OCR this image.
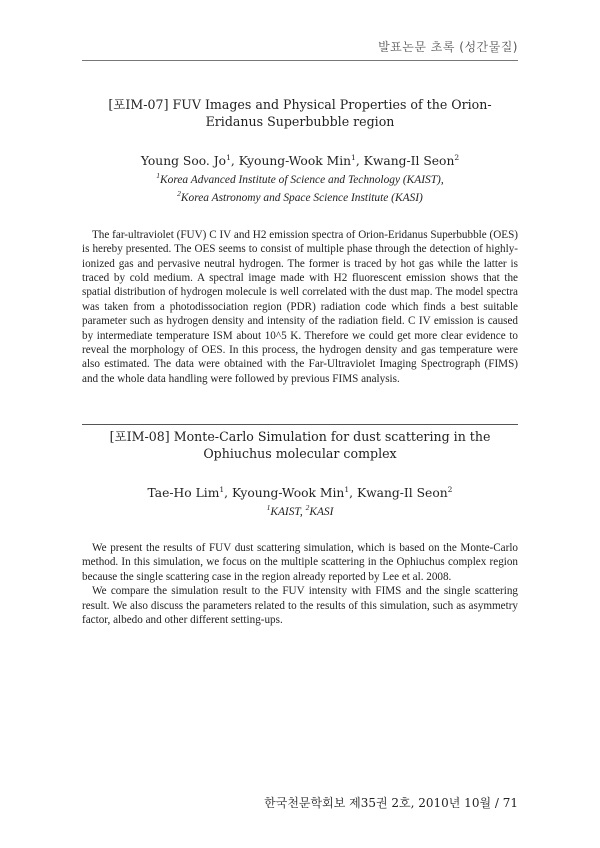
발표논문 초록 (성간물질)
[포IM-07] FUV Images and Physical Properties of the Orion-Eridanus Superbubble region
Young Soo. Jo$^1$, Kyoung-Wook Min$^1$, Kwang-Il Seon$^2$
$^1$Korea Advanced Institute of Science and Technology (KAIST),
$^2$Korea Astronomy and Space Science Institute (KASI)

The far-ultraviolet (FUV) C IV and H2 emission spectra of Orion-Eridanus Superbubble (OES) is hereby presented. The OES seems to consist of multiple phase through the detection of highly-ionized gas and pervasive neutral hydrogen. The former is traced by hot gas while the latter is traced by cold medium. A spectral image made with H2 fluorescent emission shows that the spatial distribution of hydrogen molecule is well correlated with the dust map. The model spectra was taken from a photodissociation region (PDR) radiation code which finds a best suitable parameter such as hydrogen density and intensity of the radiation field. C IV emission is caused by intermediate temperature ISM about 10^5 K. Therefore we could get more clear evidence to reveal the morphology of OES. In this process, the hydrogen density and gas temperature were also estimated. The data were obtained with the Far-Ultraviolet Imaging Spectrograph (FIMS) and the whole data handling were followed by previous FIMS analysis.

[포IM-08] Monte-Carlo Simulation for dust scattering in the Ophiuchus molecular complex
Tae-Ho Lim$^1$, Kyoung-Wook Min$^1$, Kwang-Il Seon$^2$
$^1$KAIST, $^2$KASI

We present the results of FUV dust scattering simulation, which is based on the Monte-Carlo method. In this simulation, we focus on the multiple scattering in the Ophiuchus complex region because the single scattering case in the region already reported by Lee et al. 2008.

We compare the simulation result to the FUV intensity with FIMS and the single scattering result. We also discuss the parameters related to the results of this simulation, such as asymmetry factor, albedo and other different setting-ups.

한국천문학회보 제35권 2호, 2010년 10월 / 71
